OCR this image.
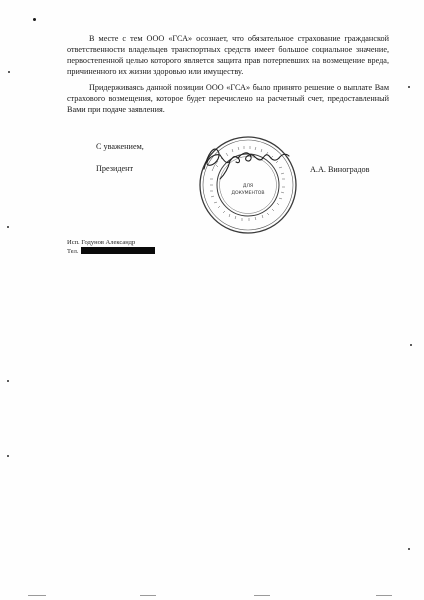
В месте с тем ООО «ГСА» осознает, что обязательное страхование гражданской ответственности владельцев транспортных средств имеет большое социальное значение, первостепенной целью которого является защита прав потерпевших на возмещение вреда, причиненного их жизни здоровью или имуществу.

Придерживаясь данной позиции ООО «ГСА» было принято решение о выплате Вам страхового возмещения, которое будет перечислено на расчетный счет, предоставленный Вами при подаче заявления.

С уважением,
Президент	А.А. Виноградов
ДЛЯ
ДОКУМЕНТОВ
Исп. Годунов Александр
Тел.
